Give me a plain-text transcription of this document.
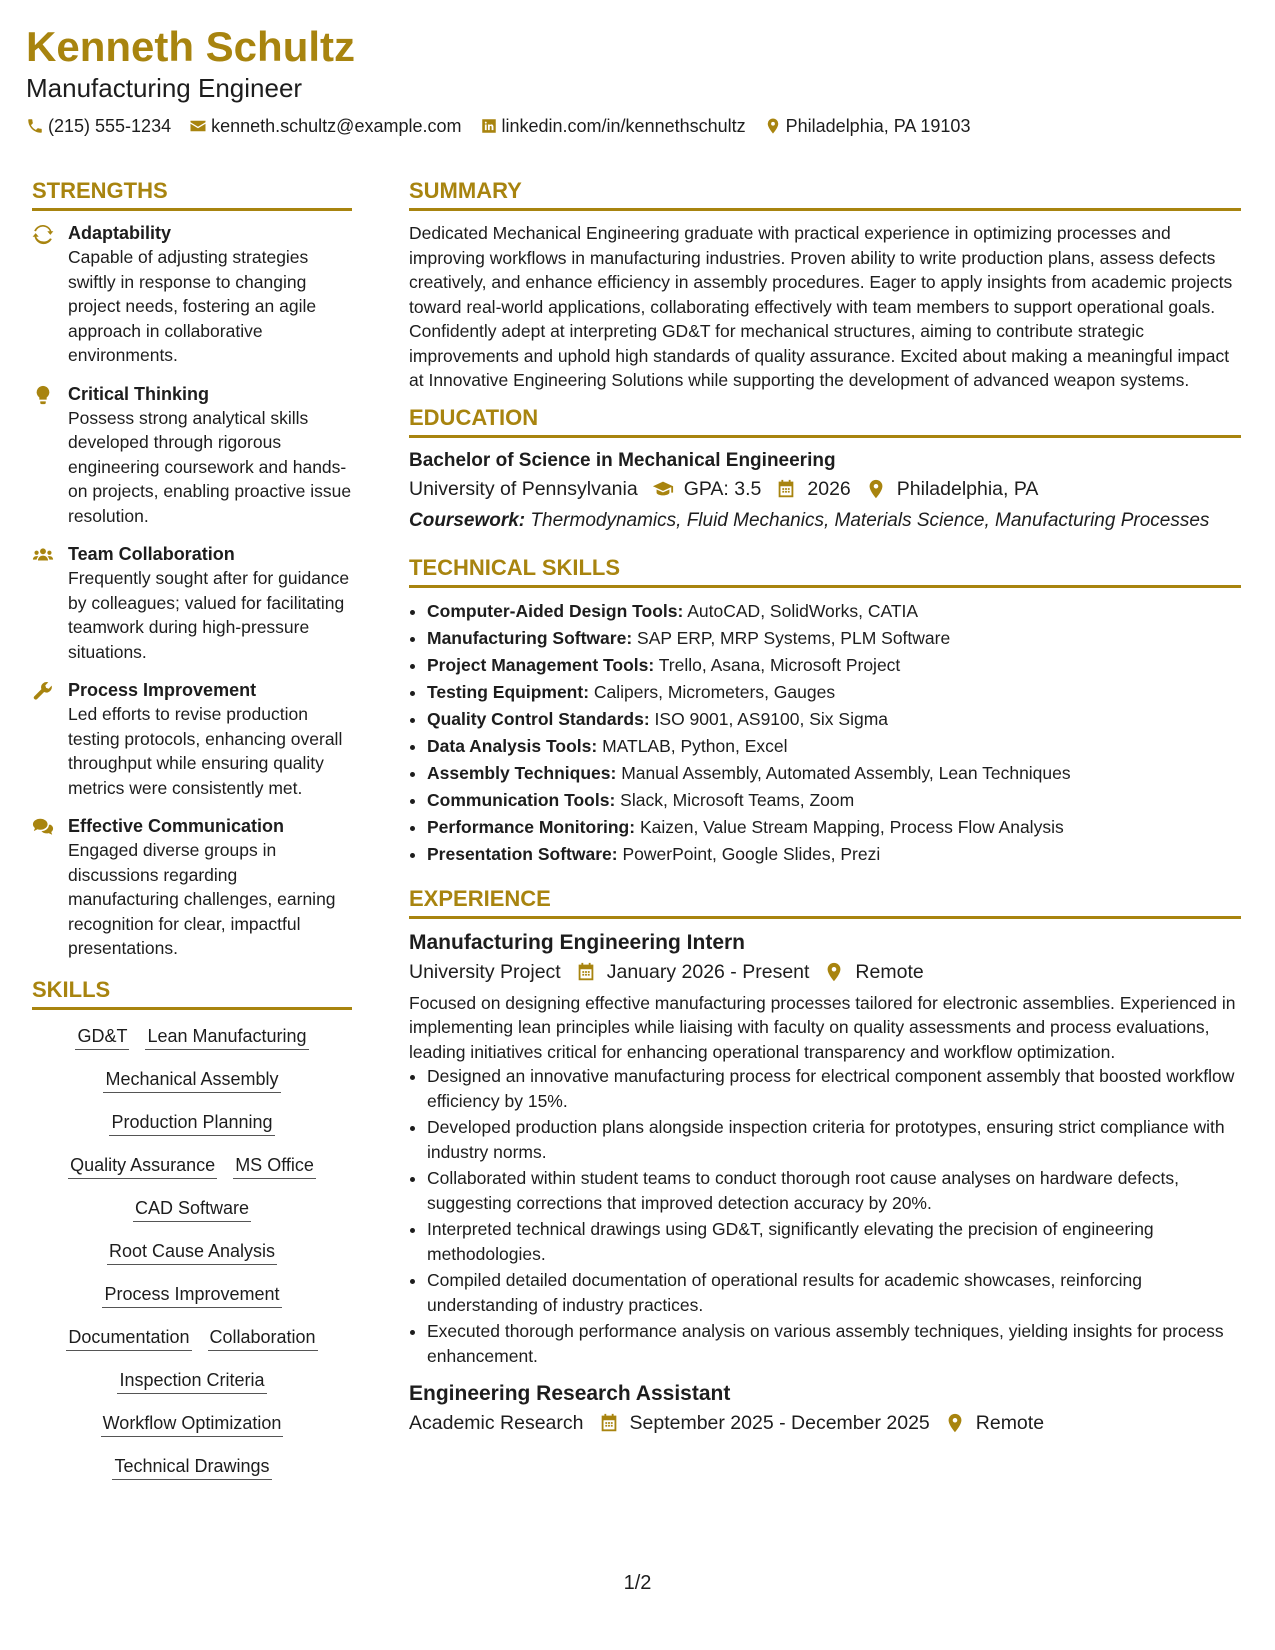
Kenneth Schultz
Manufacturing Engineer
(215) 555-1234 kenneth.schultz@example.com linkedin.com/in/kennethschultz Philadelphia, PA 19103
STRENGTHS
Adaptability
Capable of adjusting strategies swiftly in response to changing project needs, fostering an agile approach in collaborative environments.
Critical Thinking
Possess strong analytical skills developed through rigorous engineering coursework and hands-on projects, enabling proactive issue resolution.
Team Collaboration
Frequently sought after for guidance by colleagues; valued for facilitating teamwork during high-pressure situations.
Process Improvement
Led efforts to revise production testing protocols, enhancing overall throughput while ensuring quality metrics were consistently met.
Effective Communication
Engaged diverse groups in discussions regarding manufacturing challenges, earning recognition for clear, impactful presentations.
SKILLS
GD&T Lean Manufacturing
Mechanical Assembly
Production Planning
Quality Assurance MS Office
CAD Software
Root Cause Analysis
Process Improvement
Documentation Collaboration
Inspection Criteria
Workflow Optimization
Technical Drawings
SUMMARY

Dedicated Mechanical Engineering graduate with practical experience in optimizing processes and improving workflows in manufacturing industries. Proven ability to write production plans, assess defects creatively, and enhance efficiency in assembly procedures. Eager to apply insights from academic projects toward real-world applications, collaborating effectively with team members to support operational goals. Confidently adept at interpreting GD&T for mechanical structures, aiming to contribute strategic improvements and uphold high standards of quality assurance. Excited about making a meaningful impact at Innovative Engineering Solutions while supporting the development of advanced weapon systems.

EDUCATION
Bachelor of Science in Mechanical Engineering
University of Pennsylvania GPA: 3.5 2026 Philadelphia, PA
Coursework: Thermodynamics, Fluid Mechanics, Materials Science, Manufacturing Processes
TECHNICAL SKILLS
• Computer-Aided Design Tools: AutoCAD, SolidWorks, CATIA
• Manufacturing Software: SAP ERP, MRP Systems, PLM Software
• Project Management Tools: Trello, Asana, Microsoft Project
• Testing Equipment: Calipers, Micrometers, Gauges
• Quality Control Standards: ISO 9001, AS9100, Six Sigma
• Data Analysis Tools: MATLAB, Python, Excel
• Assembly Techniques: Manual Assembly, Automated Assembly, Lean Techniques
• Communication Tools: Slack, Microsoft Teams, Zoom
• Performance Monitoring: Kaizen, Value Stream Mapping, Process Flow Analysis
• Presentation Software: PowerPoint, Google Slides, Prezi
EXPERIENCE
Manufacturing Engineering Intern
University Project January 2026 - Present Remote

Focused on designing effective manufacturing processes tailored for electronic assemblies. Experienced in implementing lean principles while liaising with faculty on quality assessments and process evaluations, leading initiatives critical for enhancing operational transparency and workflow optimization.

• Designed an innovative manufacturing process for electrical component assembly that boosted workflow efficiency by 15%.
• Developed production plans alongside inspection criteria for prototypes, ensuring strict compliance with industry norms.
• Collaborated within student teams to conduct thorough root cause analyses on hardware defects, suggesting corrections that improved detection accuracy by 20%.
• Interpreted technical drawings using GD&T, significantly elevating the precision of engineering methodologies.
• Compiled detailed documentation of operational results for academic showcases, reinforcing understanding of industry practices.
• Executed thorough performance analysis on various assembly techniques, yielding insights for process enhancement.
Engineering Research Assistant
Academic Research September 2025 - December 2025 Remote
1/2
